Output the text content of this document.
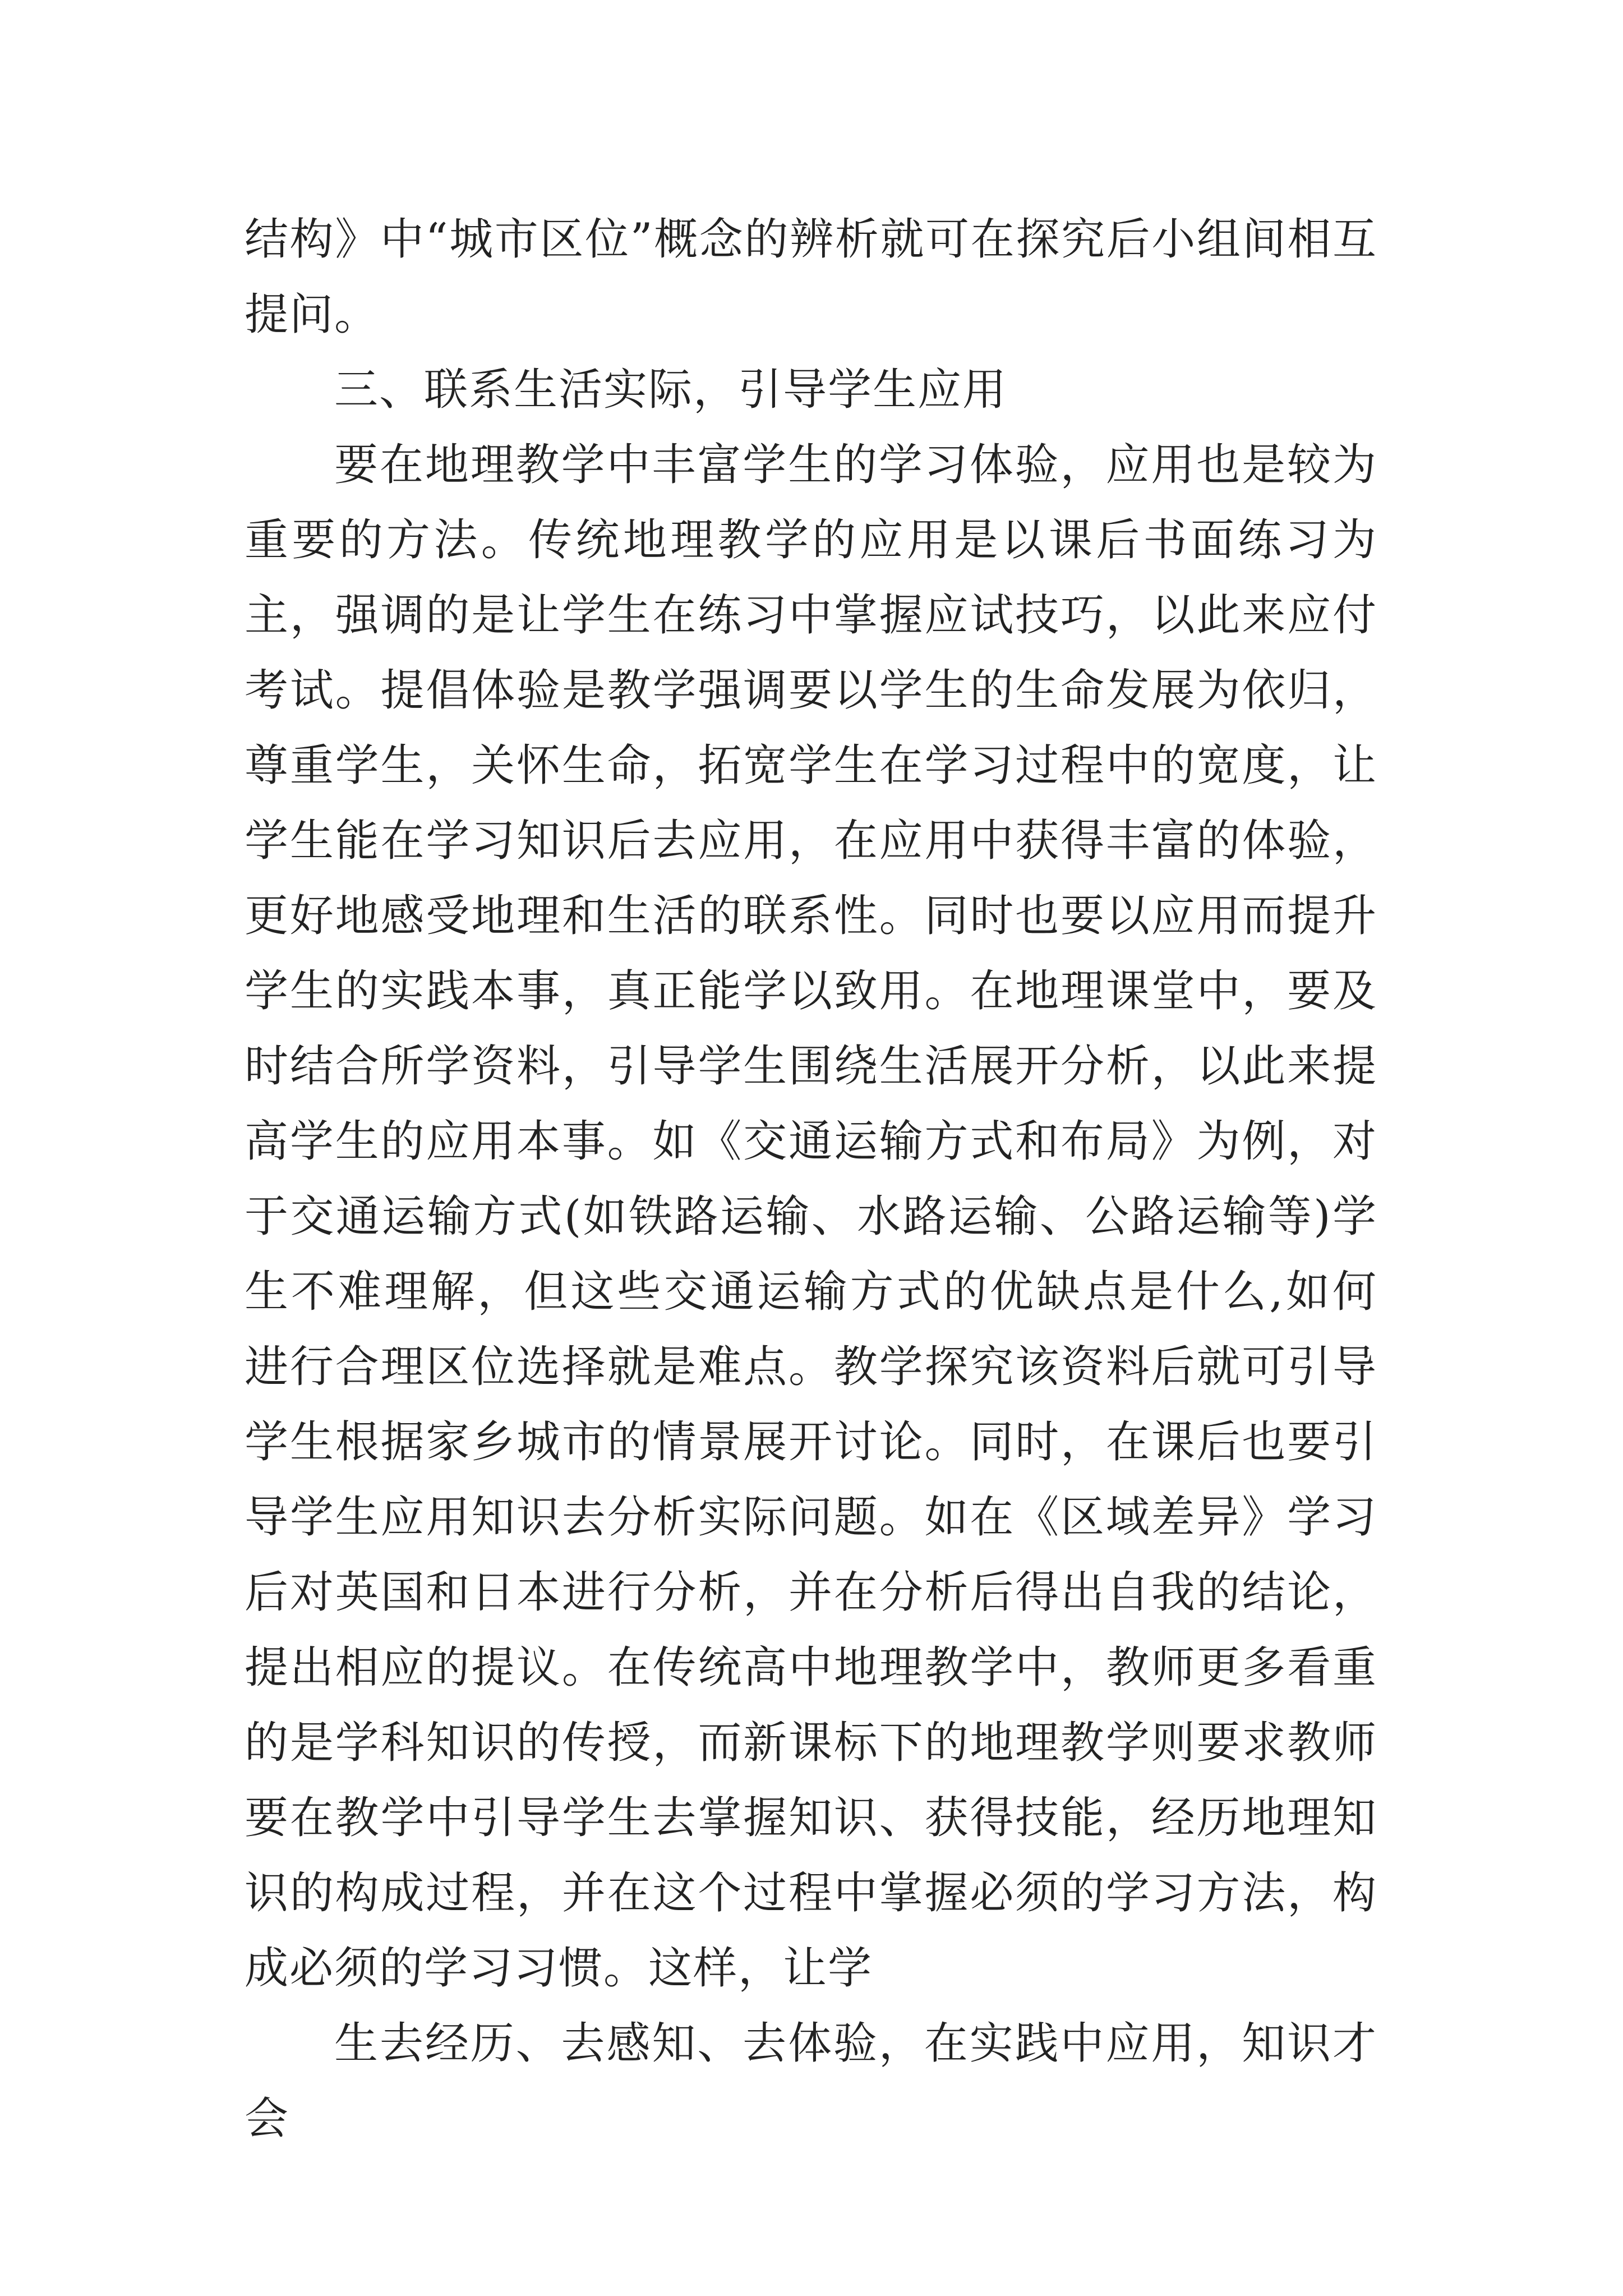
结构》中“城市区位”概念的辨析就可在探究后小组间相互提问。

三、联系生活实际，引导学生应用

要在地理教学中丰富学生的学习体验，应用也是较为重要的方法。传统地理教学的应用是以课后书面练习为主，强调的是让学生在练习中掌握应试技巧，以此来应付考试。提倡体验是教学强调要以学生的生命发展为依归，尊重学生，关怀生命，拓宽学生在学习过程中的宽度，让学生能在学习知识后去应用，在应用中获得丰富的体验，更好地感受地理和生活的联系性。同时也要以应用而提升学生的实践本事，真正能学以致用。在地理课堂中，要及时结合所学资料，引导学生围绕生活展开分析，以此来提高学生的应用本事。如《交通运输方式和布局》为例，对于交通运输方式(如铁路运输、水路运输、公路运输等)学生不难理解，但这些交通运输方式的优缺点是什么,如何进行合理区位选择就是难点。教学探究该资料后就可引导学生根据家乡城市的情景展开讨论。同时，在课后也要引导学生应用知识去分析实际问题。如在《区域差异》学习后对英国和日本进行分析，并在分析后得出自我的结论，提出相应的提议。在传统高中地理教学中，教师更多看重的是学科知识的传授，而新课标下的地理教学则要求教师要在教学中引导学生去掌握知识、获得技能，经历地理知识的构成过程，并在这个过程中掌握必须的学习方法，构成必须的学习习惯。这样，让学

生去经历、去感知、去体验，在实践中应用，知识才会
